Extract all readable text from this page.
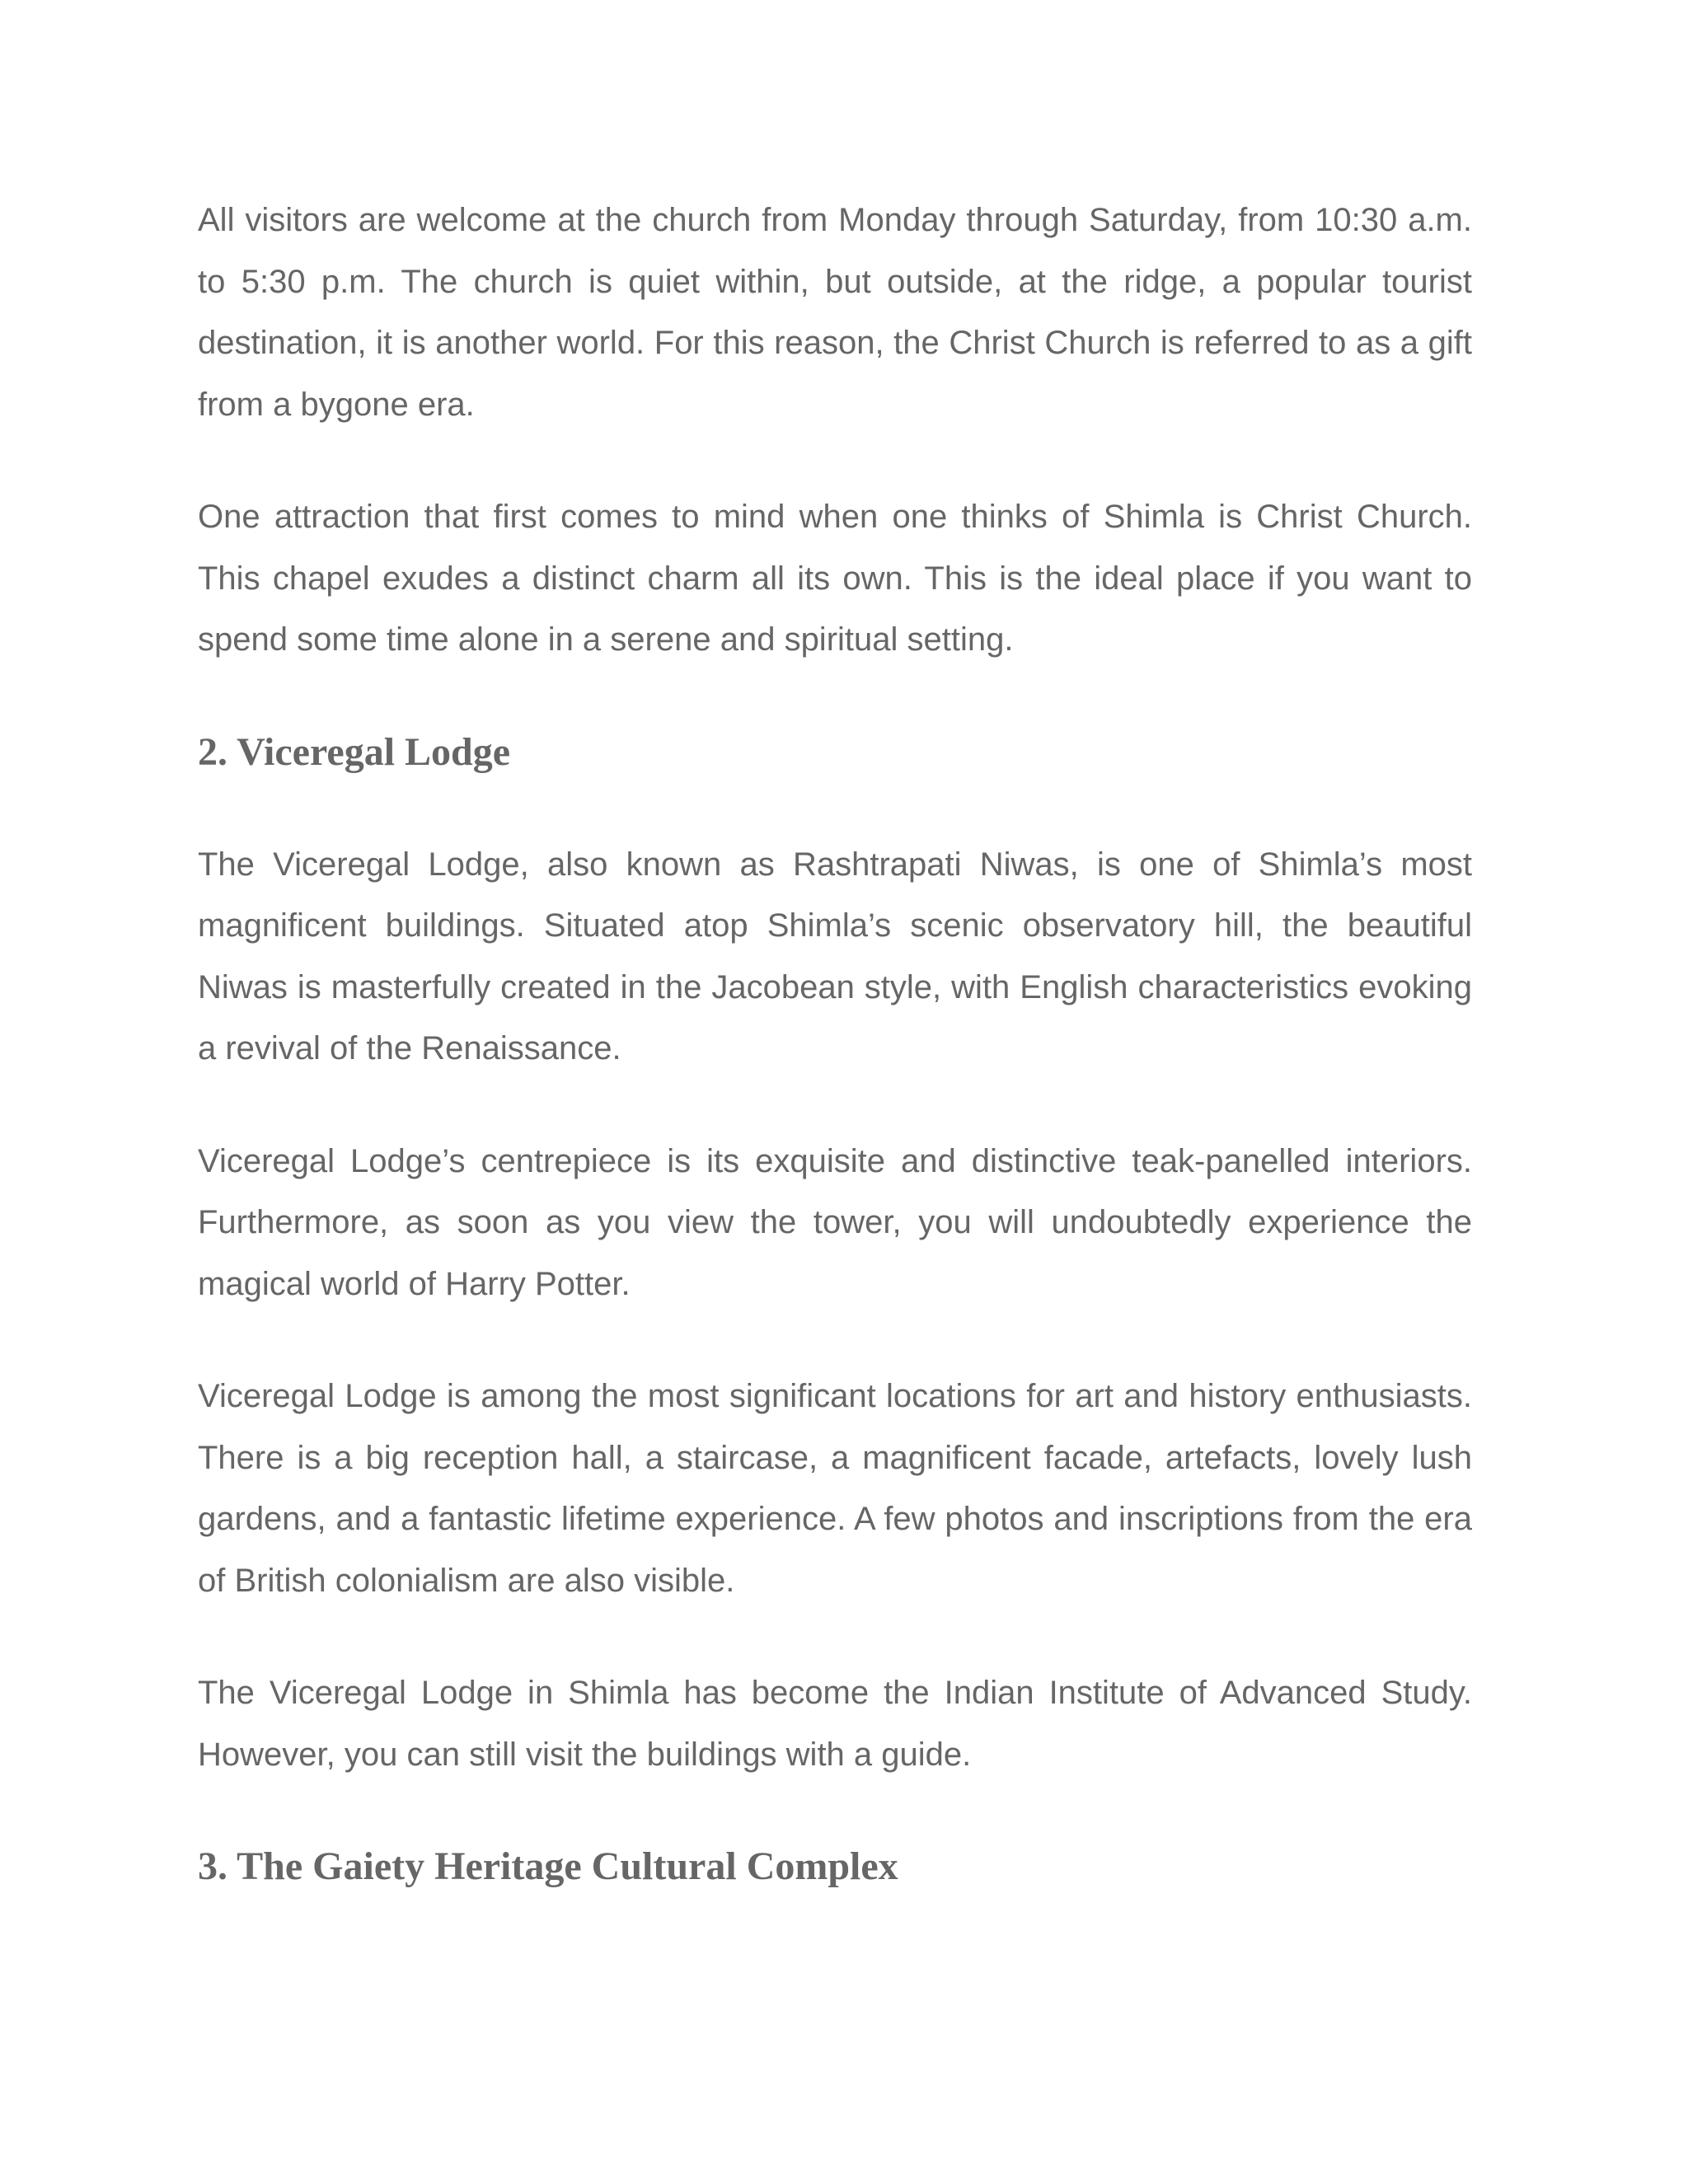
All visitors are welcome at the church from Monday through Saturday, from 10:30 a.m. to 5:30 p.m. The church is quiet within, but outside, at the ridge, a popular tourist destination, it is another world. For this reason, the Christ Church is referred to as a gift from a bygone era.

One attraction that first comes to mind when one thinks of Shimla is Christ Church. This chapel exudes a distinct charm all its own. This is the ideal place if you want to spend some time alone in a serene and spiritual setting.

2. Viceregal Lodge

The Viceregal Lodge, also known as Rashtrapati Niwas, is one of Shimla’s most magnificent buildings. Situated atop Shimla’s scenic observatory hill, the beautiful Niwas is masterfully created in the Jacobean style, with English characteristics evoking a revival of the Renaissance.

Viceregal Lodge’s centrepiece is its exquisite and distinctive teak-panelled interiors. Furthermore, as soon as you view the tower, you will undoubtedly experience the magical world of Harry Potter.

Viceregal Lodge is among the most significant locations for art and history enthusiasts. There is a big reception hall, a staircase, a magnificent facade, artefacts, lovely lush gardens, and a fantastic lifetime experience. A few photos and inscriptions from the era of British colonialism are also visible.

The Viceregal Lodge in Shimla has become the Indian Institute of Advanced Study. However, you can still visit the buildings with a guide.

3. The Gaiety Heritage Cultural Complex
